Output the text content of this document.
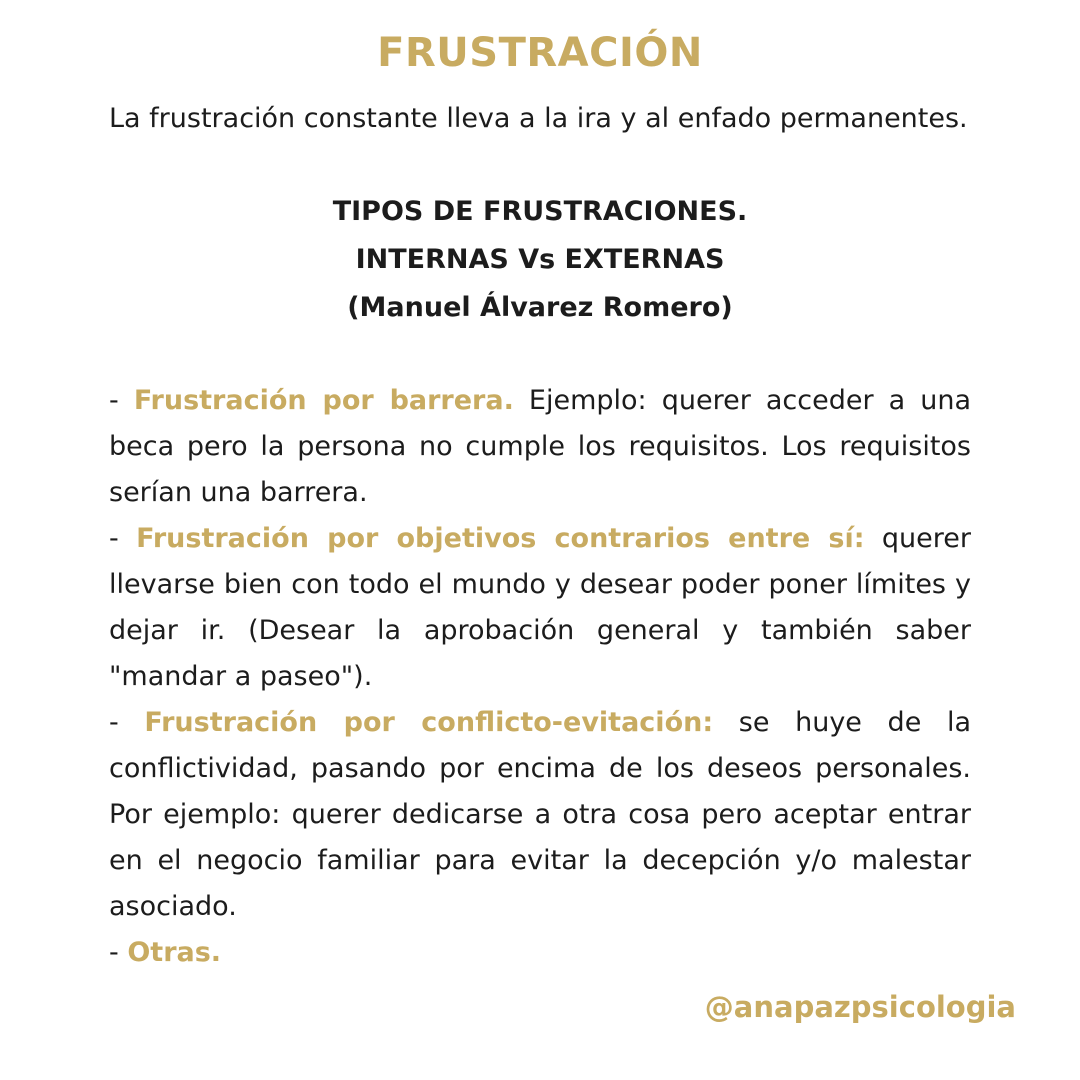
FRUSTRACIÓN

La frustración constante lleva a la ira y al enfado permanentes.

TIPOS DE FRUSTRACIONES.
INTERNAS Vs EXTERNAS
(Manuel Álvarez Romero)

- Frustración por barrera. Ejemplo: querer acceder a una beca pero la persona no cumple los requisitos. Los requisitos serían una barrera.

- Frustración por objetivos contrarios entre sí: querer llevarse bien con todo el mundo y desear poder poner límites y dejar ir. (Desear la aprobación general y también saber "mandar a paseo").

- Frustración por conflicto-evitación: se huye de la conflictividad, pasando por encima de los deseos personales. Por ejemplo: querer dedicarse a otra cosa pero aceptar entrar en el negocio familiar para evitar la decepción y/o malestar asociado.

- Otras.

@anapazpsicologia
